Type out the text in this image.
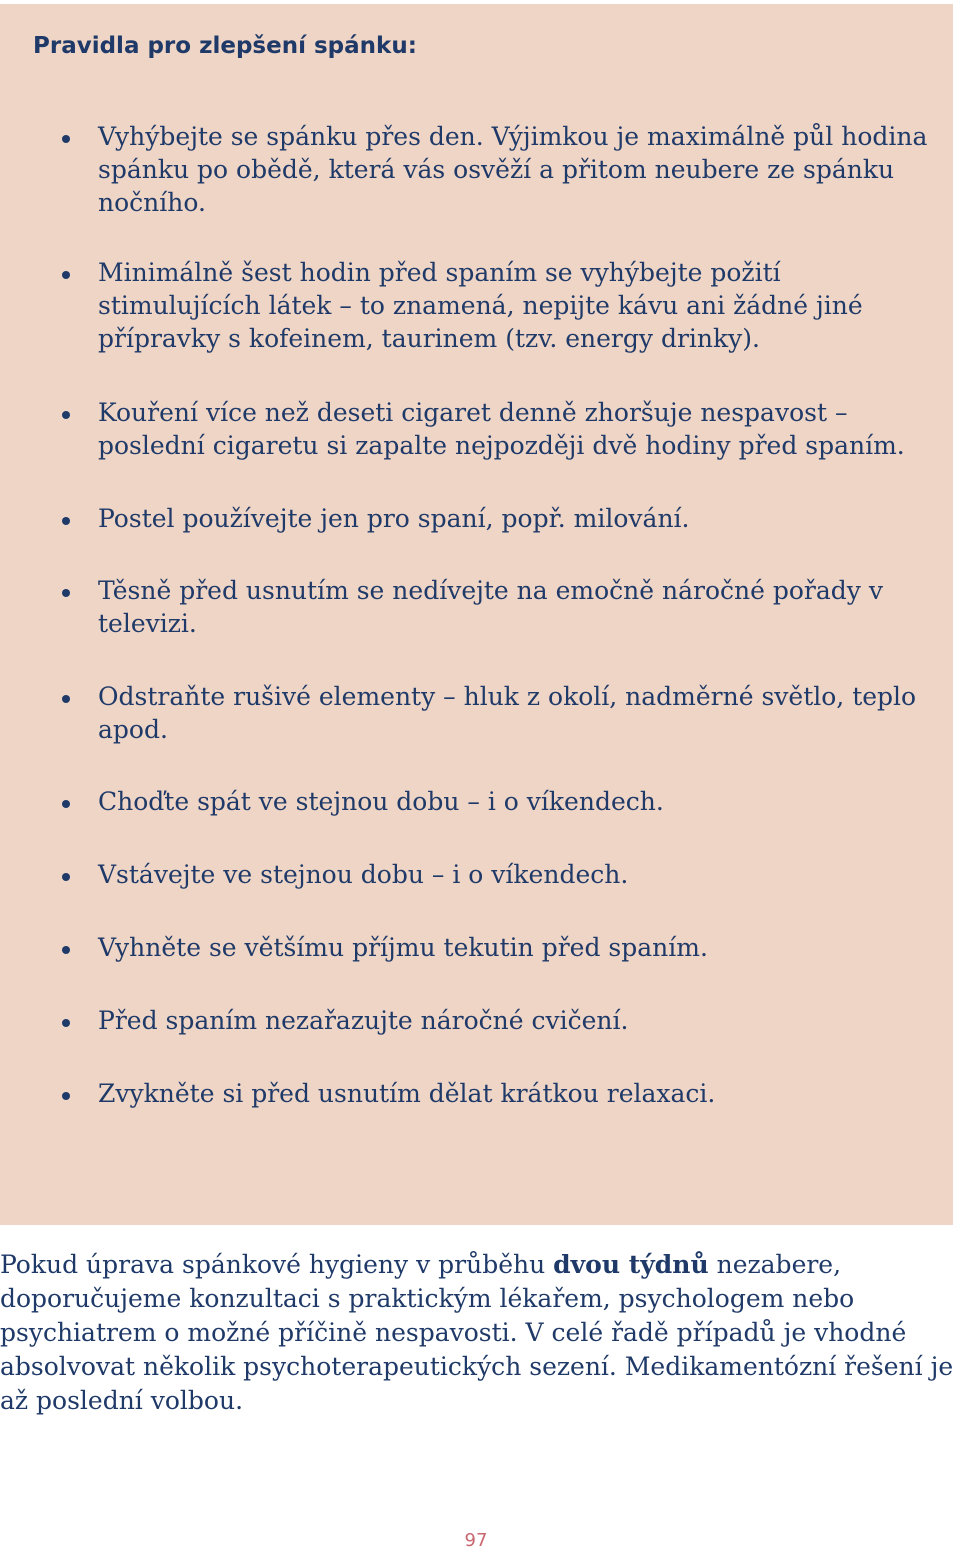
Pravidla pro zlepšení spánku:
Vyhýbejte se spánku přes den. Výjimkou je maximálně půl hodina spánku po obědě, která vás osvěží a přitom neubere ze spánku nočního.
Minimálně šest hodin před spaním se vyhýbejte požití stimulujících látek – to znamená, nepijte kávu ani žádné jiné přípravky s kofeinem, taurinem (tzv. energy drinky).
Kouření více než deseti cigaret denně zhoršuje nespavost – poslední cigaretu si zapalte nejpozději dvě hodiny před spaním.
Postel používejte jen pro spaní, popř. milování.
Těsně před usnutím se nedívejte na emočně náročné pořady v televizi.
Odstraňte rušivé elementy – hluk z okolí, nadměrné světlo, teplo apod.
Choďte spát ve stejnou dobu – i o víkendech.
Vstávejte ve stejnou dobu – i o víkendech.
Vyhněte se většímu příjmu tekutin před spaním.
Před spaním nezařazujte náročné cvičení.
Zvykněte si před usnutím dělat krátkou relaxaci.

Pokud úprava spánkové hygieny v průběhu dvou týdnů nezabere, doporučujeme konzultaci s praktickým lékařem, psychologem nebo psychiatrem o možné příčině nespavosti. V celé řadě případů je vhodné absolvovat několik psychoterapeutických sezení. Medikamentózní řešení je až poslední volbou.

97
